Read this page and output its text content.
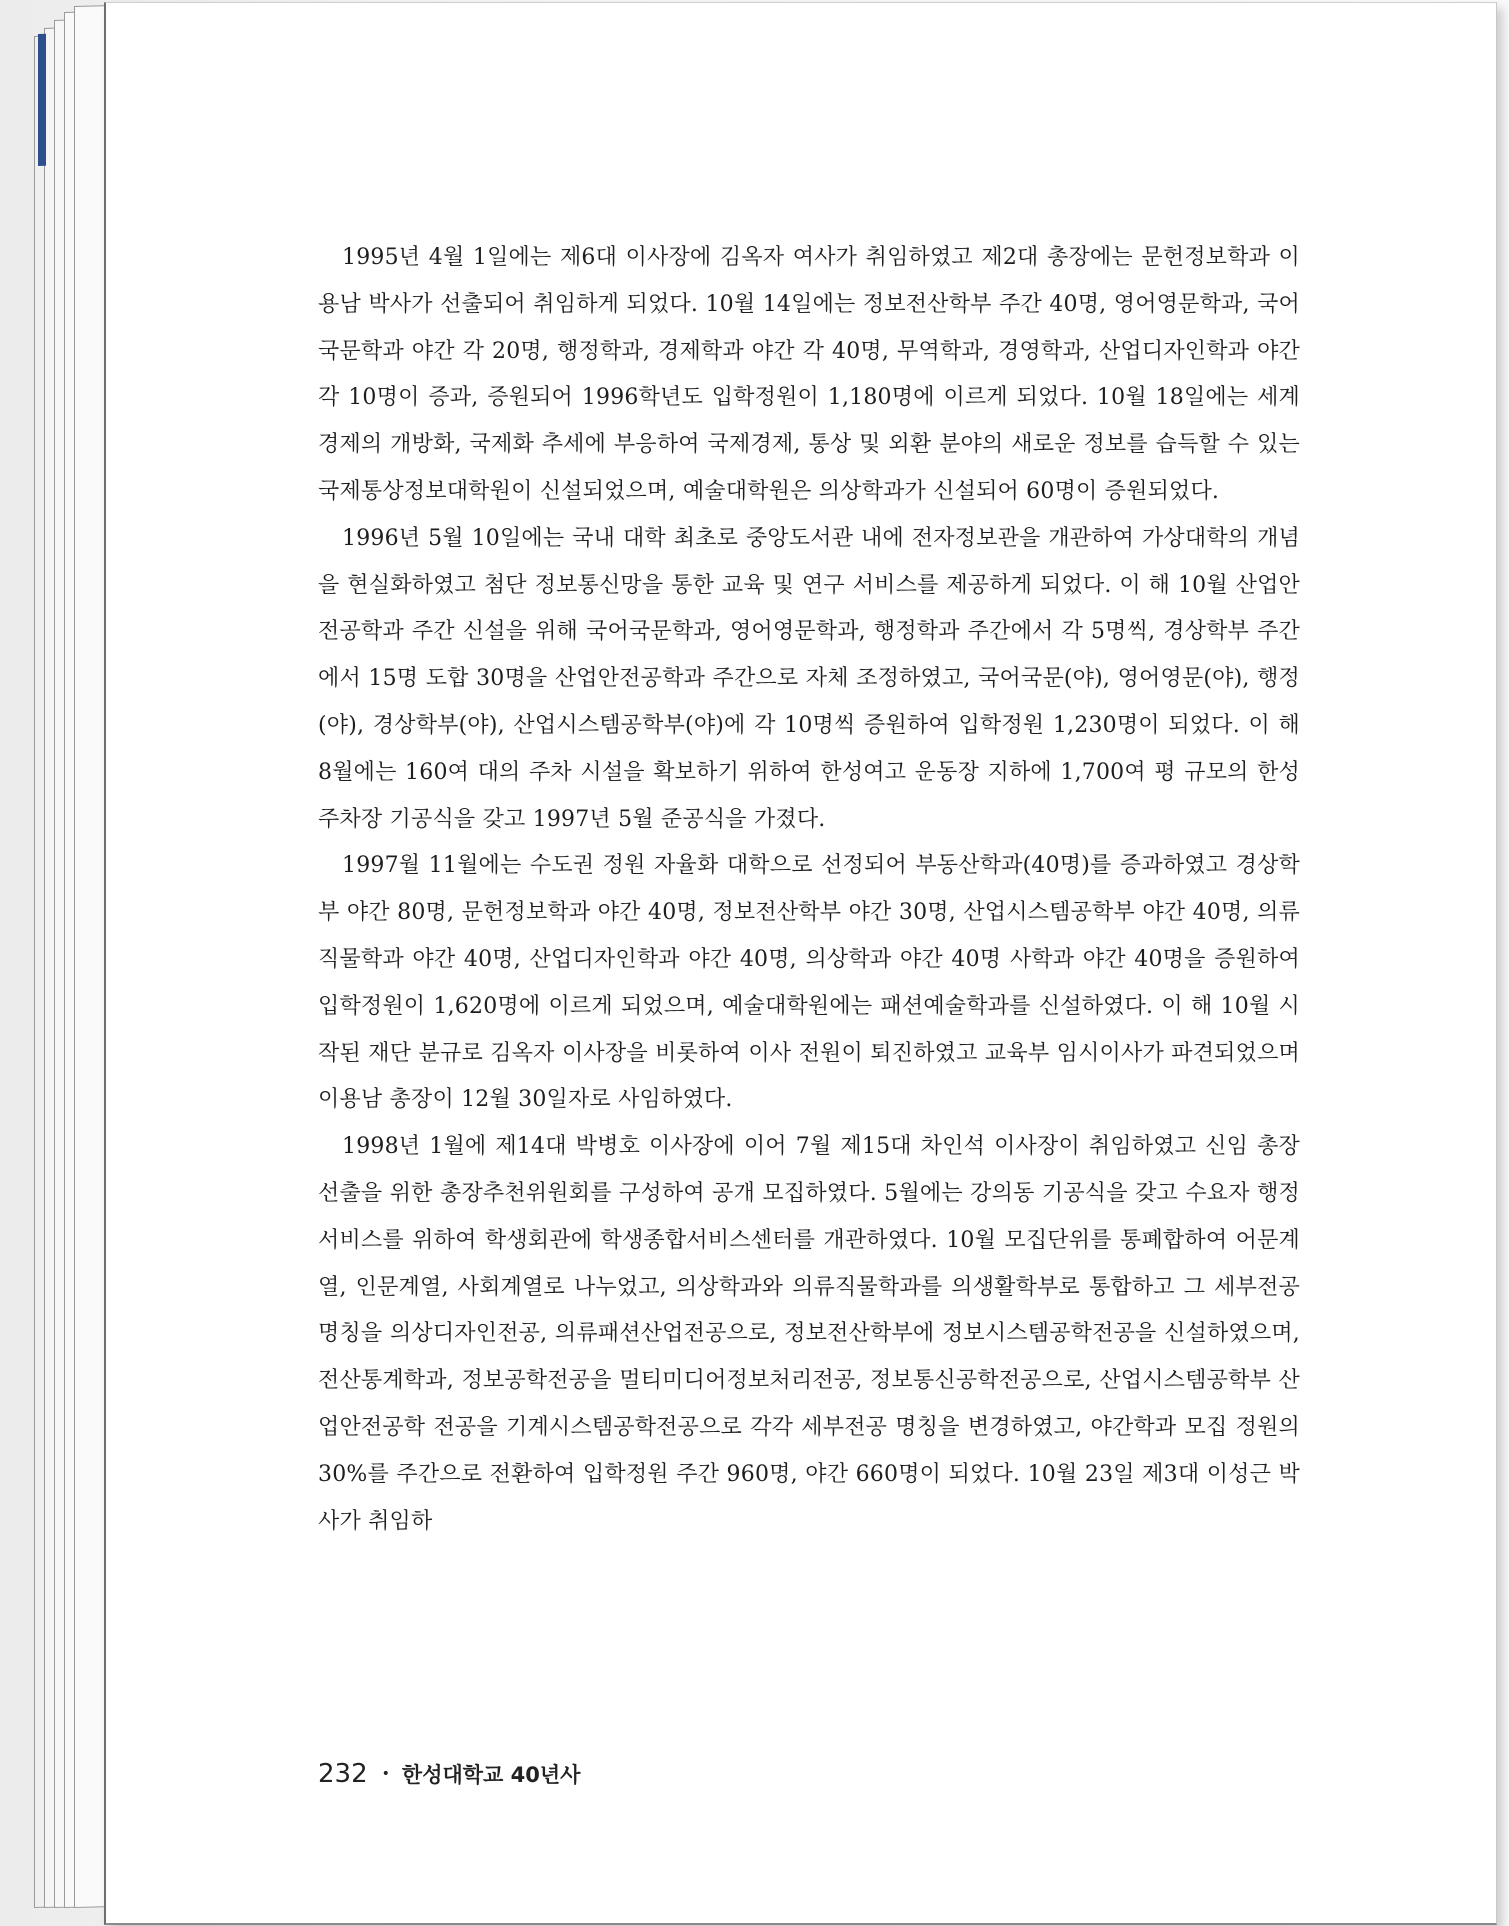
1995년 4월 1일에는 제6대 이사장에 김옥자 여사가 취임하였고 제2대 총장에는 문헌정보학과 이용남 박사가 선출되어 취임하게 되었다. 10월 14일에는 정보전산학부 주간 40명, 영어영문학과, 국어국문학과 야간 각 20명, 행정학과, 경제학과 야간 각 40명, 무역학과, 경영학과, 산업디자인학과 야간 각 10명이 증과, 증원되어 1996학년도 입학정원이 1,180명에 이르게 되었다. 10월 18일에는 세계경제의 개방화, 국제화 추세에 부응하여 국제경제, 통상 및 외환 분야의 새로운 정보를 습득할 수 있는 국제통상정보대학원이 신설되었으며, 예술대학원은 의상학과가 신설되어 60명이 증원되었다.

1996년 5월 10일에는 국내 대학 최초로 중앙도서관 내에 전자정보관을 개관하여 가상대학의 개념을 현실화하였고 첨단 정보통신망을 통한 교육 및 연구 서비스를 제공하게 되었다. 이 해 10월 산업안전공학과 주간 신설을 위해 국어국문학과, 영어영문학과, 행정학과 주간에서 각 5명씩, 경상학부 주간에서 15명 도합 30명을 산업안전공학과 주간으로 자체 조정하였고, 국어국문(야), 영어영문(야), 행정(야), 경상학부(야), 산업시스템공학부(야)에 각 10명씩 증원하여 입학정원 1,230명이 되었다. 이 해 8월에는 160여 대의 주차 시설을 확보하기 위하여 한성여고 운동장 지하에 1,700여 평 규모의 한성 주차장 기공식을 갖고 1997년 5월 준공식을 가졌다.

1997월 11월에는 수도권 정원 자율화 대학으로 선정되어 부동산학과(40명)를 증과하였고 경상학부 야간 80명, 문헌정보학과 야간 40명, 정보전산학부 야간 30명, 산업시스템공학부 야간 40명, 의류직물학과 야간 40명, 산업디자인학과 야간 40명, 의상학과 야간 40명 사학과 야간 40명을 증원하여 입학정원이 1,620명에 이르게 되었으며, 예술대학원에는 패션예술학과를 신설하였다. 이 해 10월 시작된 재단 분규로 김옥자 이사장을 비롯하여 이사 전원이 퇴진하였고 교육부 임시이사가 파견되었으며 이용남 총장이 12월 30일자로 사임하였다.

1998년 1월에 제14대 박병호 이사장에 이어 7월 제15대 차인석 이사장이 취임하였고 신임 총장 선출을 위한 총장추천위원회를 구성하여 공개 모집하였다. 5월에는 강의동 기공식을 갖고 수요자 행정 서비스를 위하여 학생회관에 학생종합서비스센터를 개관하였다. 10월 모집단위를 통폐합하여 어문계열, 인문계열, 사회계열로 나누었고, 의상학과와 의류직물학과를 의생활학부로 통합하고 그 세부전공 명칭을 의상디자인전공, 의류패션산업전공으로, 정보전산학부에 정보시스템공학전공을 신설하였으며, 전산통계학과, 정보공학전공을 멀티미디어정보처리전공, 정보통신공학전공으로, 산업시스템공학부 산업안전공학 전공을 기계시스템공학전공으로 각각 세부전공 명칭을 변경하였고, 야간학과 모집 정원의 30%를 주간으로 전환하여 입학정원 주간 960명, 야간 660명이 되었다. 10월 23일 제3대 이성근 박사가 취임하

232 • 한성대학교 40년사
